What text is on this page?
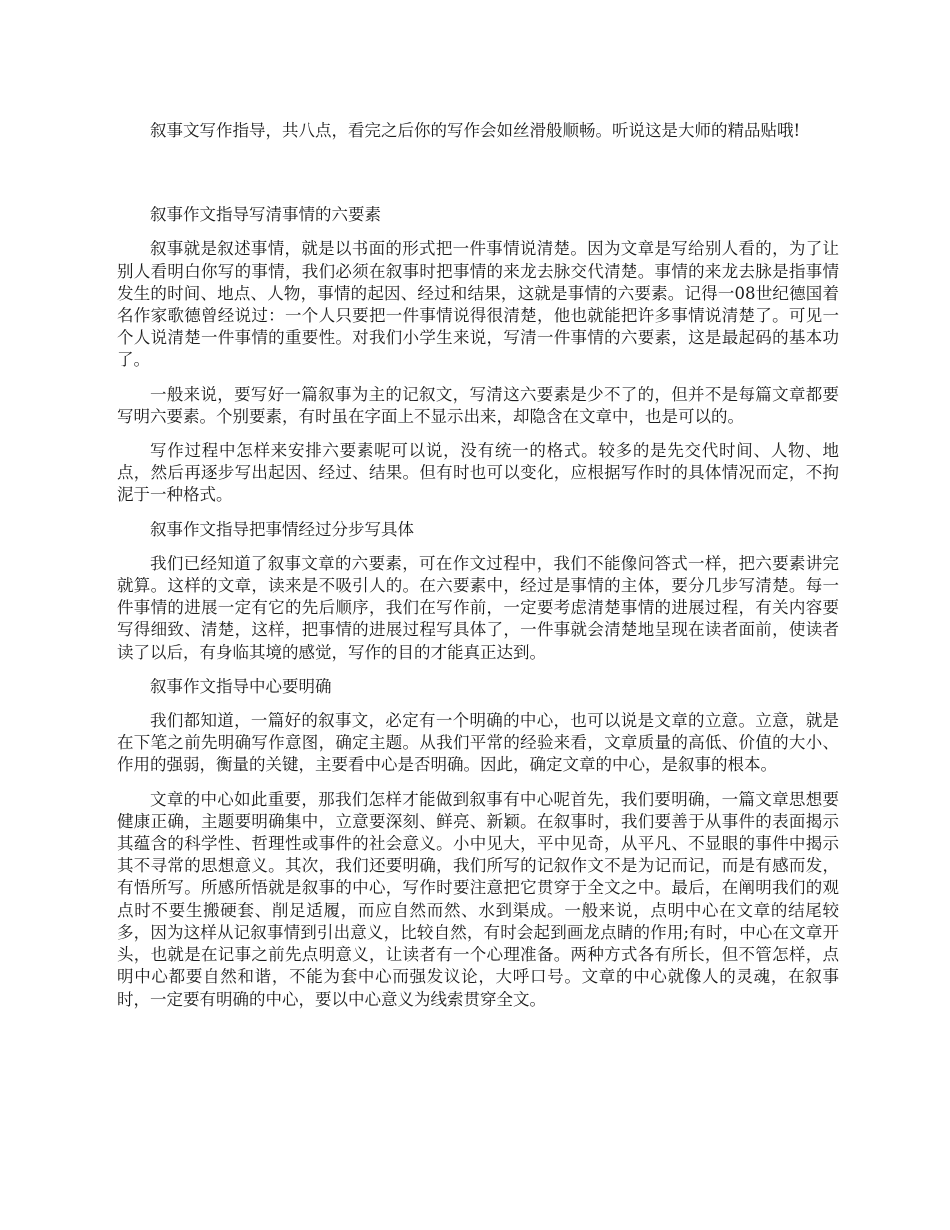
叙事文写作指导，共八点，看完之后你的写作会如丝滑般顺畅。听说这是大师的精品贴哦!

叙事作文指导写清事情的六要素

叙事就是叙述事情，就是以书面的形式把一件事情说清楚。因为文章是写给别人看的，为了让别人看明白你写的事情，我们必须在叙事时把事情的来龙去脉交代清楚。事情的来龙去脉是指事情发生的时间、地点、人物，事情的起因、经过和结果，这就是事情的六要素。记得一08世纪德国着名作家歌德曾经说过：一个人只要把一件事情说得很清楚，他也就能把许多事情说清楚了。可见一个人说清楚一件事情的重要性。对我们小学生来说，写清一件事情的六要素，这是最起码的基本功了。

一般来说，要写好一篇叙事为主的记叙文，写清这六要素是少不了的，但并不是每篇文章都要写明六要素。个别要素，有时虽在字面上不显示出来，却隐含在文章中，也是可以的。

写作过程中怎样来安排六要素呢可以说，没有统一的格式。较多的是先交代时间、人物、地点，然后再逐步写出起因、经过、结果。但有时也可以变化，应根据写作时的具体情况而定，不拘泥于一种格式。

叙事作文指导把事情经过分步写具体

我们已经知道了叙事文章的六要素，可在作文过程中，我们不能像问答式一样，把六要素讲完就算。这样的文章，读来是不吸引人的。在六要素中，经过是事情的主体，要分几步写清楚。每一件事情的进展一定有它的先后顺序，我们在写作前，一定要考虑清楚事情的进展过程，有关内容要写得细致、清楚，这样，把事情的进展过程写具体了，一件事就会清楚地呈现在读者面前，使读者读了以后，有身临其境的感觉，写作的目的才能真正达到。

叙事作文指导中心要明确

我们都知道，一篇好的叙事文，必定有一个明确的中心，也可以说是文章的立意。立意，就是在下笔之前先明确写作意图，确定主题。从我们平常的经验来看，文章质量的高低、价值的大小、作用的强弱，衡量的关键，主要看中心是否明确。因此，确定文章的中心，是叙事的根本。

文章的中心如此重要，那我们怎样才能做到叙事有中心呢首先，我们要明确，一篇文章思想要健康正确，主题要明确集中，立意要深刻、鲜亮、新颖。在叙事时，我们要善于从事件的表面揭示其蕴含的科学性、哲理性或事件的社会意义。小中见大，平中见奇，从平凡、不显眼的事件中揭示其不寻常的思想意义。其次，我们还要明确，我们所写的记叙作文不是为记而记，而是有感而发，有悟所写。所感所悟就是叙事的中心，写作时要注意把它贯穿于全文之中。最后，在阐明我们的观点时不要生搬硬套、削足适履，而应自然而然、水到渠成。一般来说，点明中心在文章的结尾较多，因为这样从记叙事情到引出意义，比较自然，有时会起到画龙点睛的作用;有时，中心在文章开头，也就是在记事之前先点明意义，让读者有一个心理准备。两种方式各有所长，但不管怎样，点明中心都要自然和谐，不能为套中心而强发议论，大呼口号。文章的中心就像人的灵魂，在叙事时，一定要有明确的中心，要以中心意义为线索贯穿全文。
